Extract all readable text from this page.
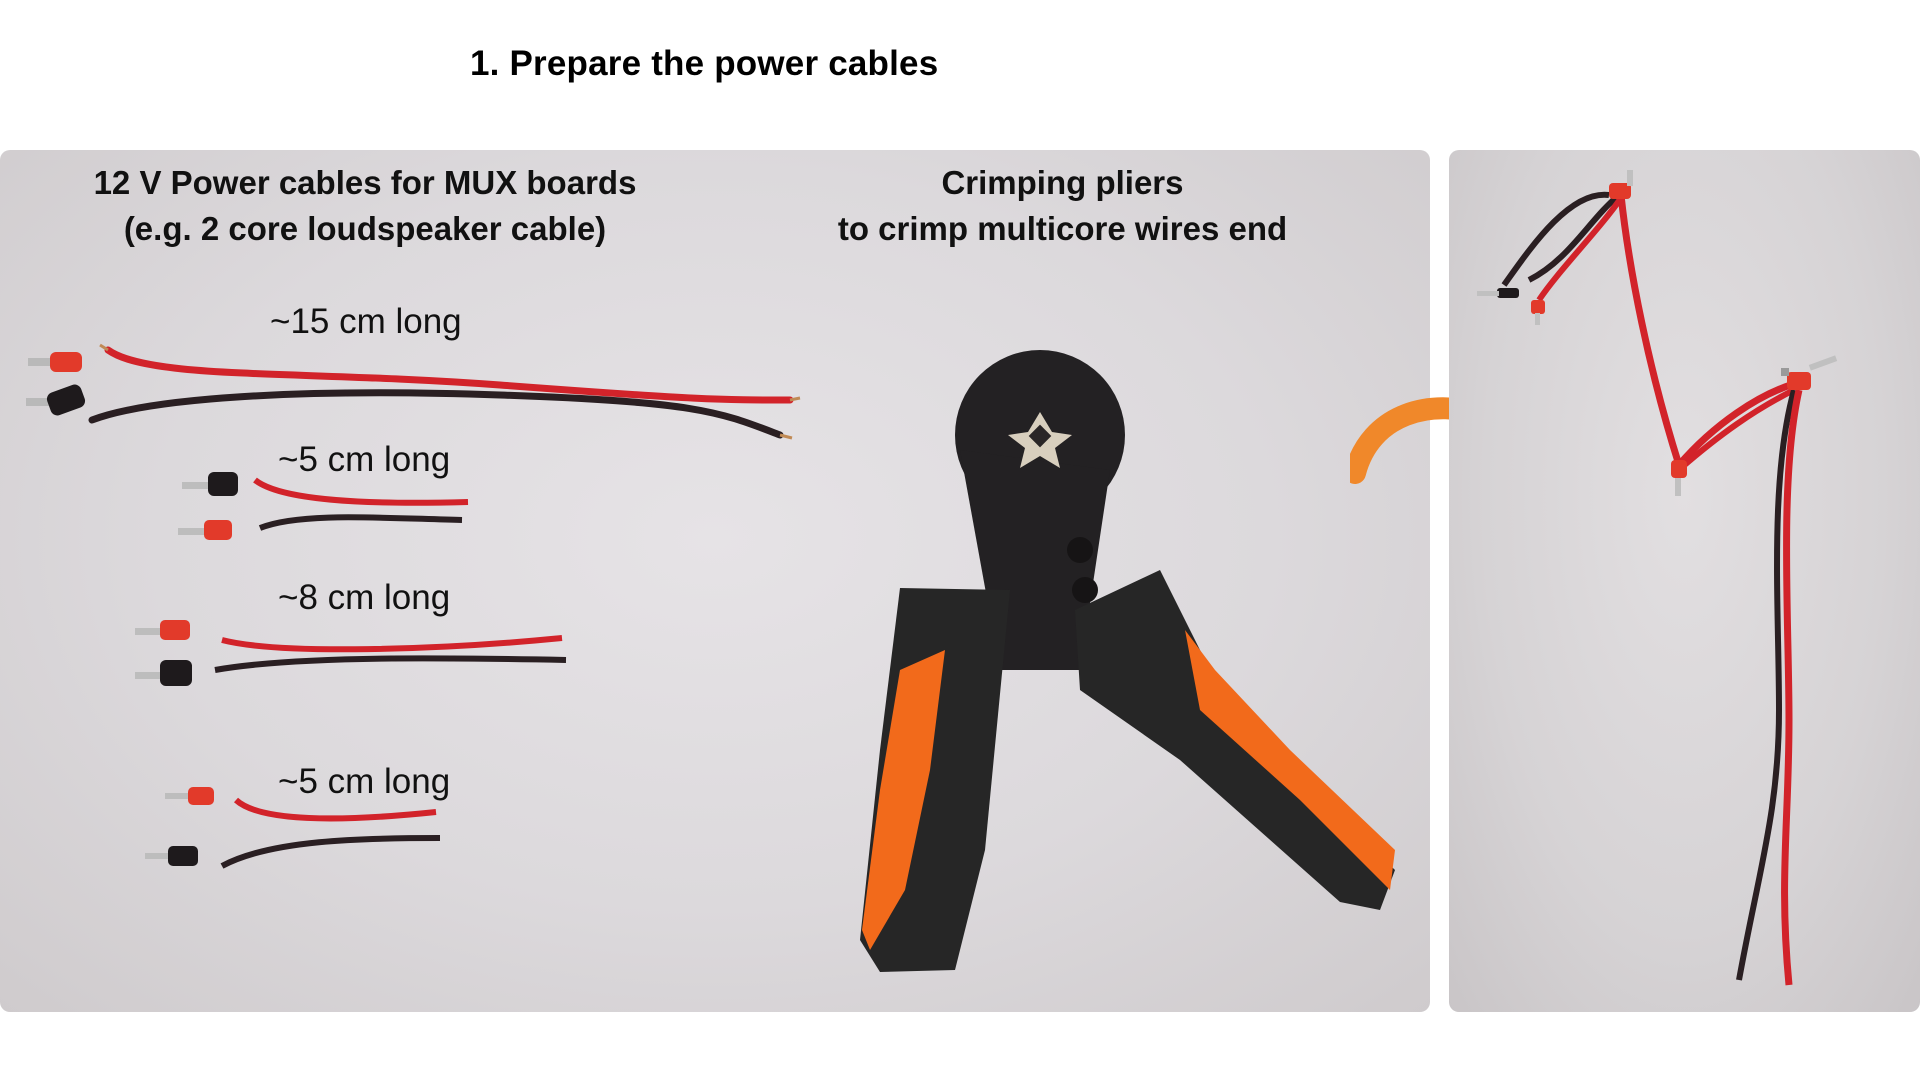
1. Prepare the power cables
12 V Power cables for MUX boards
(e.g. 2 core loudspeaker cable)
Crimping pliers
to crimp multicore wires end
~15 cm long
~5 cm long
~8 cm long
~5 cm long
